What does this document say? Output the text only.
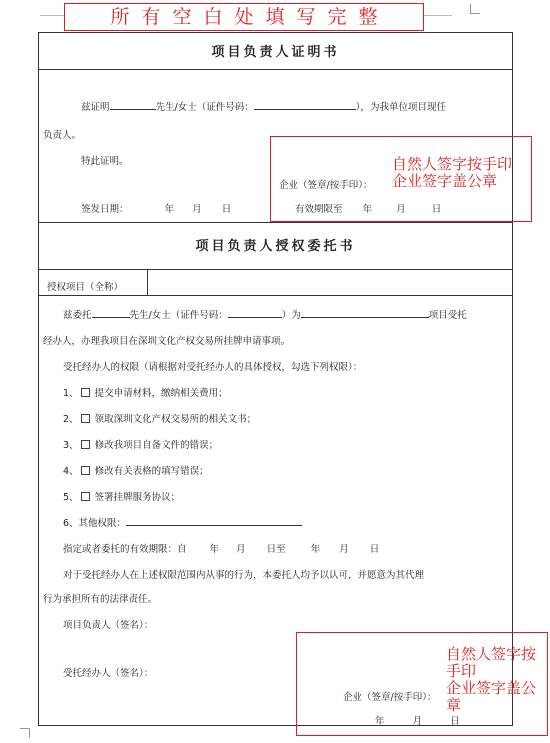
所有空白处填写完整
项目负责人证明书
兹证明	先生/女士（证件号码：	），为我单位项目现任
负责人。
特此证明。
企业（签章/按手印）：
签发日期：	年 月 日	有效期限至 年	月	日
项目负责人授权委托书
授权项目（全称）
兹委托	先生/女士（证件号码：	）为	项目受托
经办人，办理我项目在深圳文化产权交易所挂牌申请事项。
受托经办人的权限（请根据对受托经办人的具体授权，勾选下列权限）：
1、 提交申请材料，缴纳相关费用；
2、 领取深圳文化产权交易所的相关文书；
3、 修改我项目自备文件的错误；
4、 修改有关表格的填写错误；
5、 签署挂牌服务协议；
6、其他权限：
指定或者委托的有效期限：自 年 月 日至	年 月 日
对于受托经办人在上述权限范围内从事的行为，本委托人均予以认可，并愿意为其代理
行为承担所有的法律责任。
项目负责人（签名）：
受托经办人（签名）：
企业（签章/按手印）：
年	月	日
自然人签字按手印
企业签字盖公章
自然人签字按
手印
企业签字盖公
章
